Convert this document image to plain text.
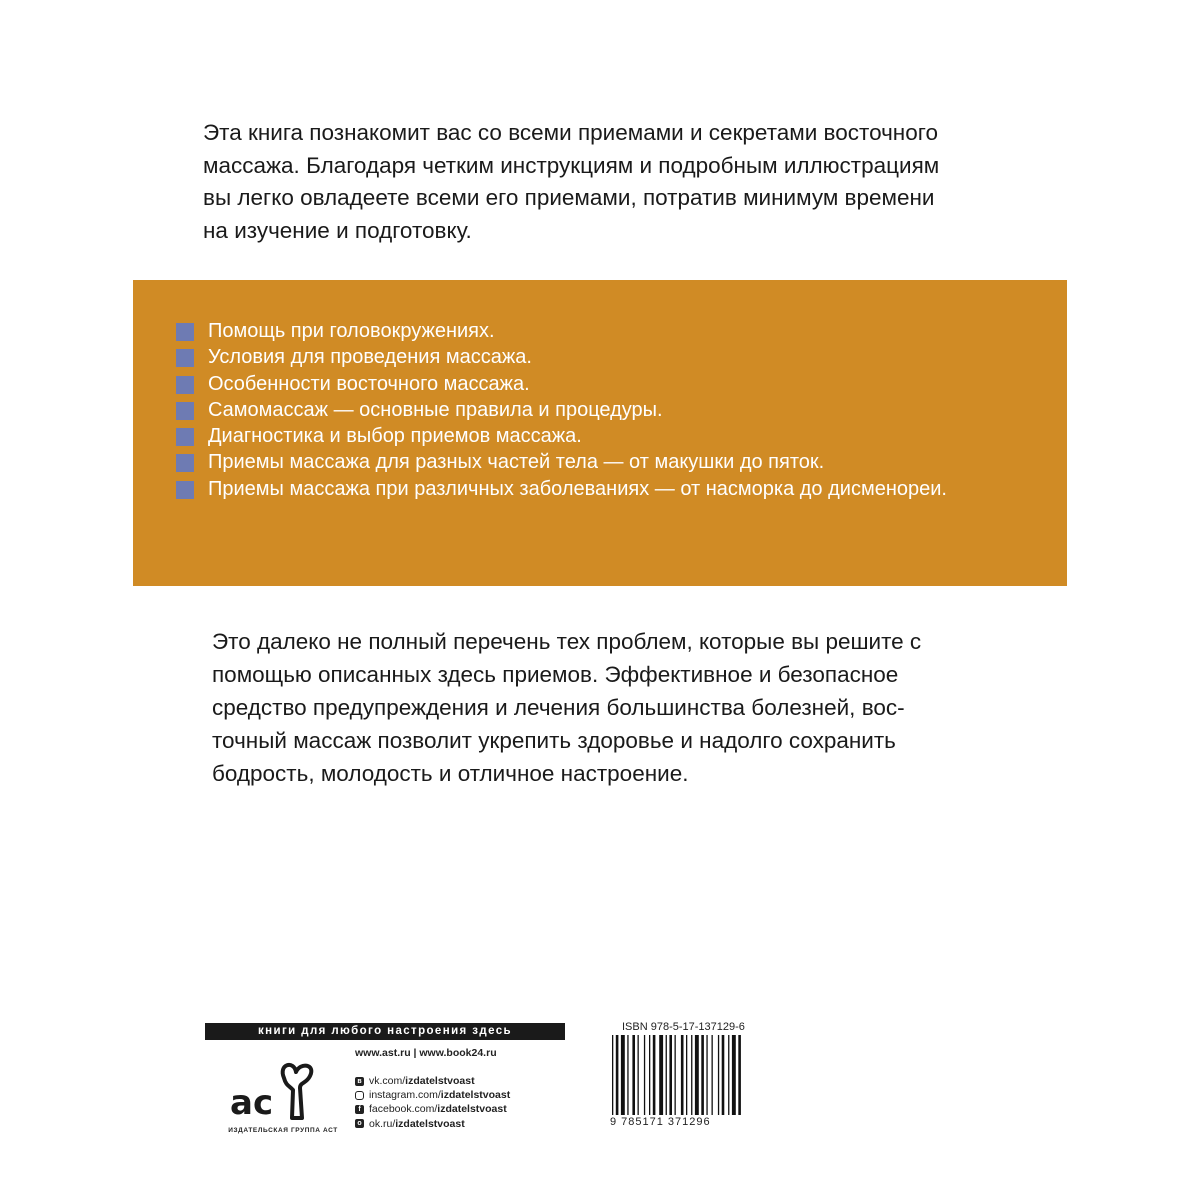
Эта книга познакомит вас со всеми приемами и секретами восточного
массажа. Благодаря четким инструкциям и подробным иллюстрациям
вы легко овладеете всеми его приемами, потратив минимум времени
на изучение и подготовку.
Помощь при головокружениях.
Условия для проведения массажа.
Особенности восточного массажа.
Самомассаж — основные правила и процедуры.
Диагностика и выбор приемов массажа.
Приемы массажа для разных частей тела — от макушки до пяток.
Приемы массажа при различных заболеваниях — от насморка до дисменореи.
Это далеко не полный перечень тех проблем, которые вы решите с
помощью описанных здесь приемов. Эффективное и безопасное
средство предупреждения и лечения большинства болезней, вос-
точный массаж позволит укрепить здоровье и надолго сохранить
бодрость, молодость и отличное настроение.
книги для любого настроения здесь
ас
ИЗДАТЕЛЬСКАЯ ГРУППА АСТ
www.ast.ru | www.book24.ru
в vk.com/ izdatelstvoast
instagram.com/ izdatelstvoast
f facebook.com/ izdatelstvoast
о ok.ru/ izdatelstvoast
ISBN 978-5-17-137129-6
9 785171 371296
